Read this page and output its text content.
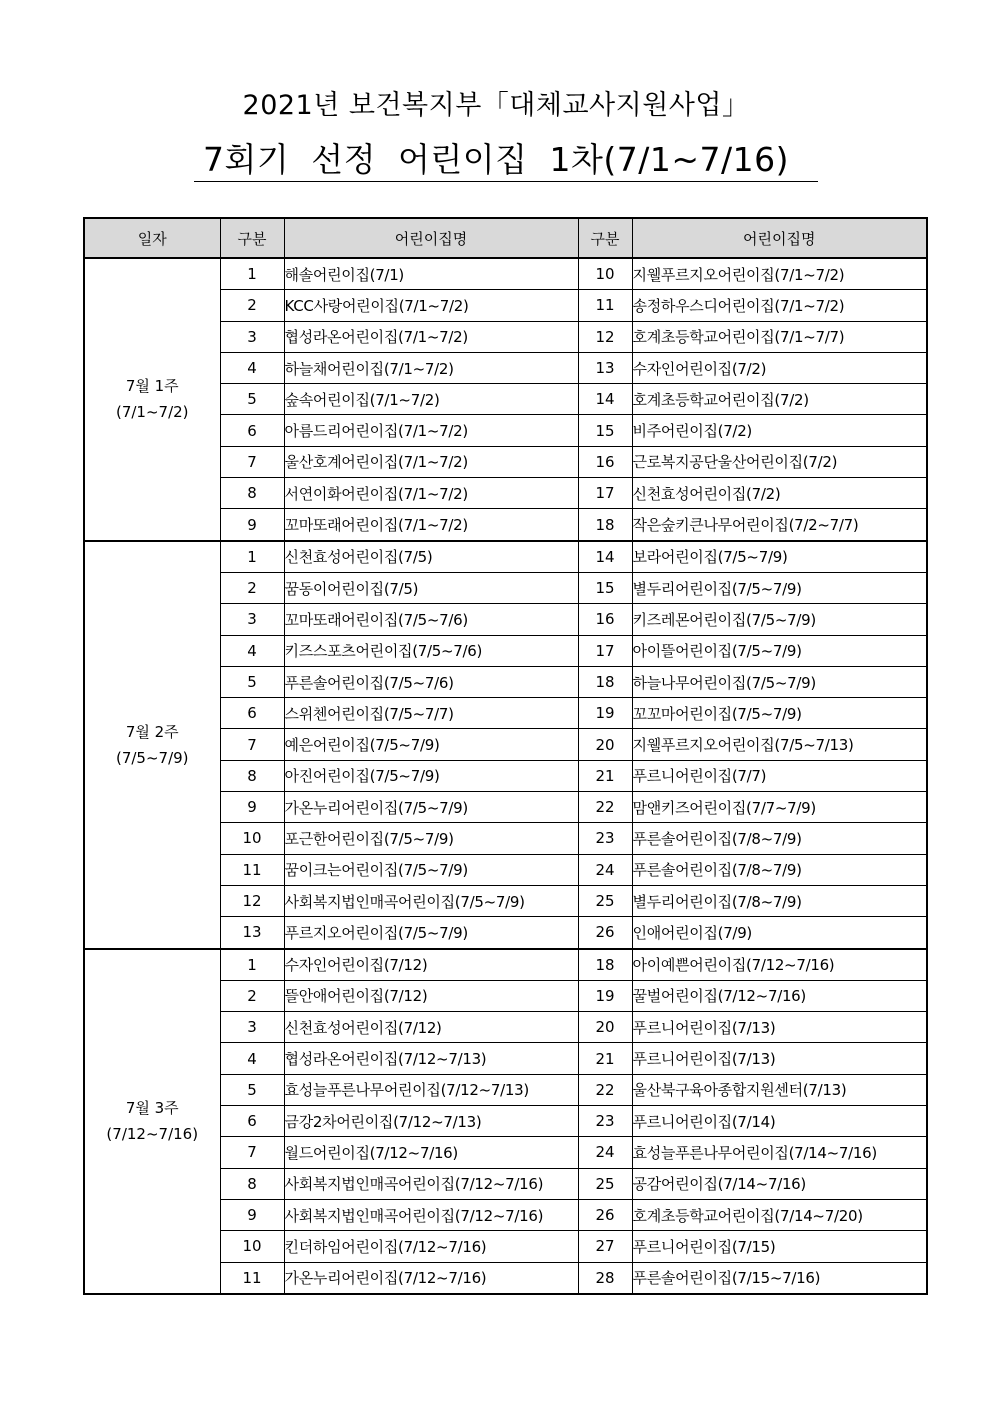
2021년 보건복지부「대체교사지원사업」
7회기  선정  어린이집  1차(7/1~7/16)
일자	구분	어린이집명	구분	어린이집명

7월 1주
(7/1~7/2)	1	해솔어린이집(7/1)	10	지웰푸르지오어린이집(7/1~7/2)
	2	KCC사랑어린이집(7/1~7/2)	11	송정하우스디어린이집(7/1~7/2)
	3	협성라온어린이집(7/1~7/2)	12	호계초등학교어린이집(7/1~7/7)
	4	하늘채어린이집(7/1~7/2)	13	수자인어린이집(7/2)
	5	숲속어린이집(7/1~7/2)	14	호계초등학교어린이집(7/2)
	6	아름드리어린이집(7/1~7/2)	15	비주어린이집(7/2)
	7	울산호계어린이집(7/1~7/2)	16	근로복지공단울산어린이집(7/2)
	8	서연이화어린이집(7/1~7/2)	17	신천효성어린이집(7/2)
	9	꼬마또래어린이집(7/1~7/2)	18	작은숲키큰나무어린이집(7/2~7/7)

7월 2주
(7/5~7/9)	1	신천효성어린이집(7/5)	14	보라어린이집(7/5~7/9)
	2	꿈동이어린이집(7/5)	15	별두리어린이집(7/5~7/9)
	3	꼬마또래어린이집(7/5~7/6)	16	키즈레몬어린이집(7/5~7/9)
	4	키즈스포츠어린이집(7/5~7/6)	17	아이뜰어린이집(7/5~7/9)
	5	푸른솔어린이집(7/5~7/6)	18	하늘나무어린이집(7/5~7/9)
	6	스위첸어린이집(7/5~7/7)	19	꼬꼬마어린이집(7/5~7/9)
	7	예은어린이집(7/5~7/9)	20	지웰푸르지오어린이집(7/5~7/13)
	8	아진어린이집(7/5~7/9)	21	푸르니어린이집(7/7)
	9	가온누리어린이집(7/5~7/9)	22	맘앤키즈어린이집(7/7~7/9)
	10	포근한어린이집(7/5~7/9)	23	푸른솔어린이집(7/8~7/9)
	11	꿈이크는어린이집(7/5~7/9)	24	푸른솔어린이집(7/8~7/9)
	12	사회복지법인매곡어린이집(7/5~7/9)	25	별두리어린이집(7/8~7/9)
	13	푸르지오어린이집(7/5~7/9)	26	인애어린이집(7/9)

7월 3주
(7/12~7/16)	1	수자인어린이집(7/12)	18	아이예쁜어린이집(7/12~7/16)
	2	뜰안애어린이집(7/12)	19	꿀벌어린이집(7/12~7/16)
	3	신천효성어린이집(7/12)	20	푸르니어린이집(7/13)
	4	협성라온어린이집(7/12~7/13)	21	푸르니어린이집(7/13)
	5	효성늘푸른나무어린이집(7/12~7/13)	22	울산북구육아종합지원센터(7/13)
	6	금강2차어린이집(7/12~7/13)	23	푸르니어린이집(7/14)
	7	월드어린이집(7/12~7/16)	24	효성늘푸른나무어린이집(7/14~7/16)
	8	사회복지법인매곡어린이집(7/12~7/16)	25	공감어린이집(7/14~7/16)
	9	사회복지법인매곡어린이집(7/12~7/16)	26	호계초등학교어린이집(7/14~7/20)
	10	킨더하임어린이집(7/12~7/16)	27	푸르니어린이집(7/15)
	11	가온누리어린이집(7/12~7/16)	28	푸른솔어린이집(7/15~7/16)
